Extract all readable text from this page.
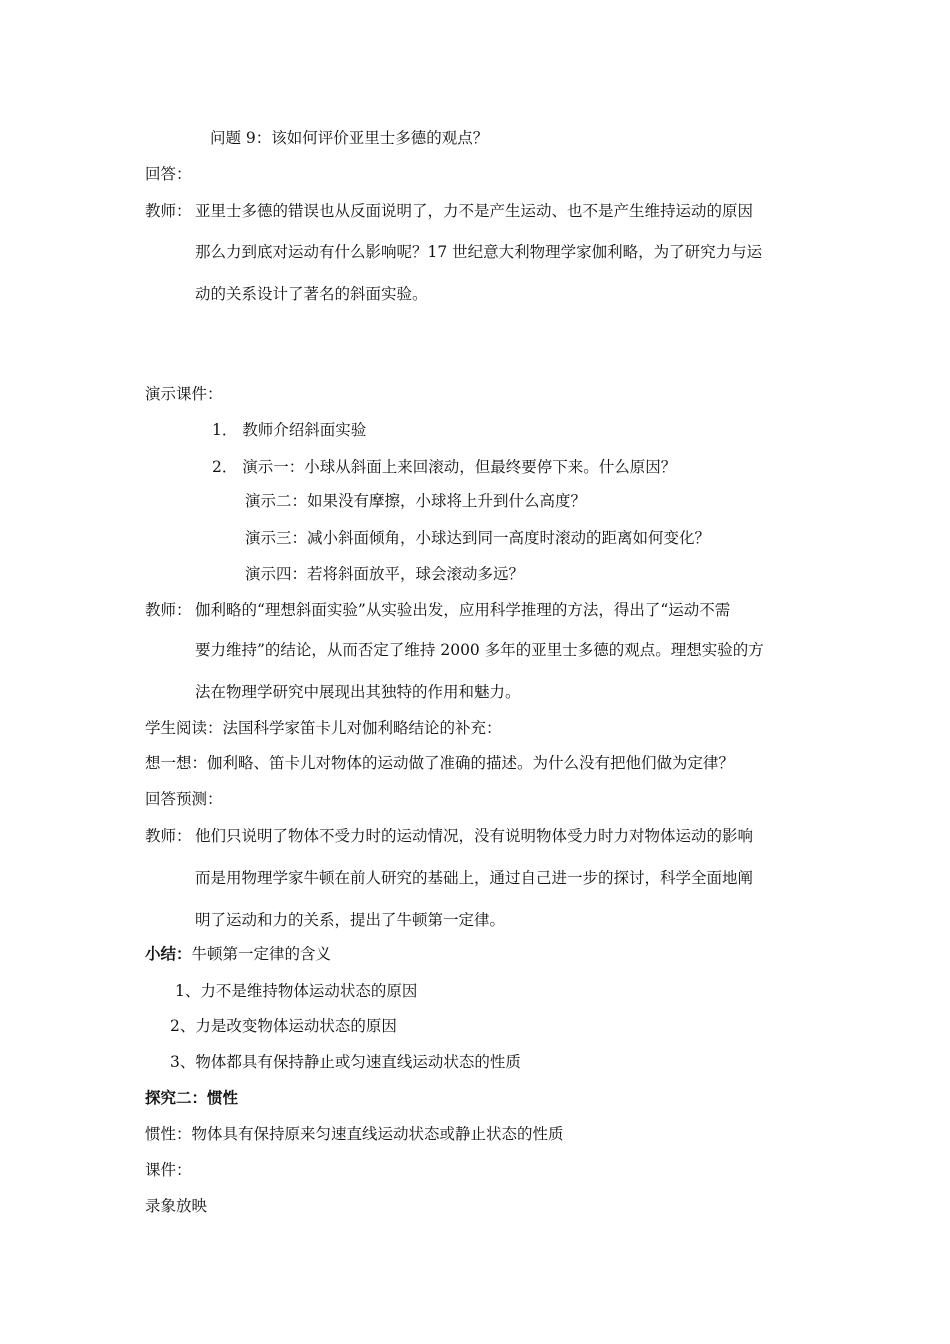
问题 9：该如何评价亚里士多德的观点？
回答：
教师： 亚里士多德的错误也从反面说明了，力不是产生运动、也不是产生维持运动的原因
那么力到底对运动有什么影响呢？17 世纪意大利物理学家伽利略，为了研究力与运
动的关系设计了著名的斜面实验。
演示课件：
1． 教师介绍斜面实验
2． 演示一：小球从斜面上来回滚动，但最终要停下来。什么原因？
演示二：如果没有摩擦，小球将上升到什么高度？
演示三：减小斜面倾角，小球达到同一高度时滚动的距离如何变化？
演示四：若将斜面放平，球会滚动多远？
教师： 伽利略的“理想斜面实验”从实验出发，应用科学推理的方法，得出了“运动不需
要力维持”的结论，从而否定了维持 2000 多年的亚里士多德的观点。理想实验的方
法在物理学研究中展现出其独特的作用和魅力。
学生阅读：法国科学家笛卡儿对伽利略结论的补充：
想一想：伽利略、笛卡儿对物体的运动做了准确的描述。为什么没有把他们做为定律？
回答预测：
教师： 他们只说明了物体不受力时的运动情况，没有说明物体受力时力对物体运动的影响
而是用物理学家牛顿在前人研究的基础上，通过自己进一步的探讨，科学全面地阐
明了运动和力的关系，提出了牛顿第一定律。
小结：牛顿第一定律的含义
1、力不是维持物体运动状态的原因
2、力是改变物体运动状态的原因
3、物体都具有保持静止或匀速直线运动状态的性质
探究二：惯性
惯性：物体具有保持原来匀速直线运动状态或静止状态的性质
课件：
录象放映
